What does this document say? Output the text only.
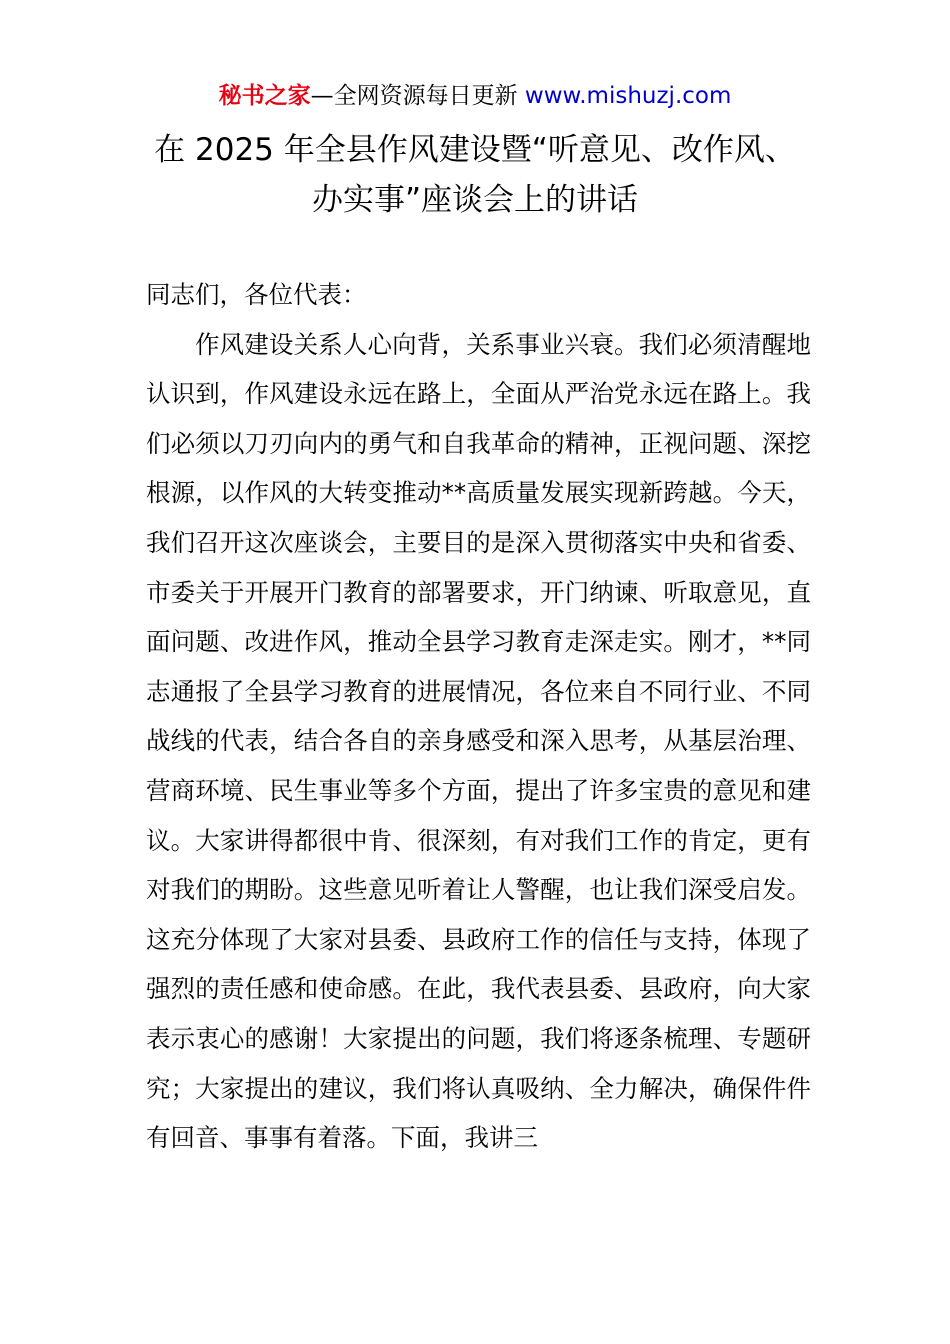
秘书之家—全网资源每日更新 www.mishuzj.com
在 2025 年全县作风建设暨“听意见、改作风、
办实事”座谈会上的讲话

同志们，各位代表：

作风建设关系人心向背，关系事业兴衰。我们必须清醒地认识到，作风建设永远在路上，全面从严治党永远在路上。我们必须以刀刃向内的勇气和自我革命的精神，正视问题、深挖根源，以作风的大转变推动**高质量发展实现新跨越。今天，我们召开这次座谈会，主要目的是深入贯彻落实中央和省委、市委关于开展开门教育的部署要求，开门纳谏、听取意见，直面问题、改进作风，推动全县学习教育走深走实。刚才，**同志通报了全县学习教育的进展情况，各位来自不同行业、不同战线的代表，结合各自的亲身感受和深入思考，从基层治理、营商环境、民生事业等多个方面，提出了许多宝贵的意见和建议。大家讲得都很中肯、很深刻，有对我们工作的肯定，更有对我们的期盼。这些意见听着让人警醒，也让我们深受启发。这充分体现了大家对县委、县政府工作的信任与支持，体现了强烈的责任感和使命感。在此，我代表县委、县政府，向大家表示衷心的感谢！大家提出的问题，我们将逐条梳理、专题研究；大家提出的建议，我们将认真吸纳、全力解决，确保件件有回音、事事有着落。下面，我讲三
